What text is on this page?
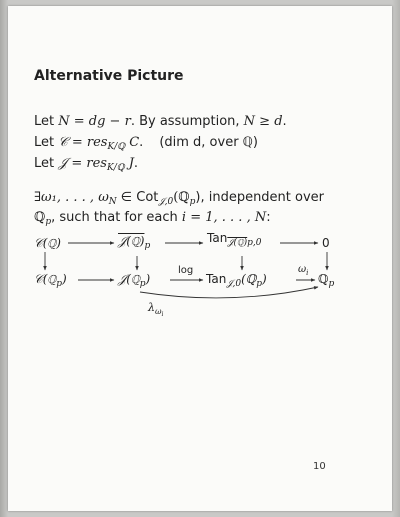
Alternative Picture
Let N = dg − r. By assumption, N ≥ d.
Let 𝒞 = res$_{K/ℚ}$ C. (dim d, over ℚ)
Let 𝒥 = res$_{K/ℚ}$ J.
∃ω₁, . . . , $\omega_N$ ∈ Cot$_{𝒥,0}$(ℚ$_p$), independent over
ℚ$_p$, such that for each i = 1, . . . , N:
𝒞(ℚ)	$𝒥(ℚ)_p$
Tan$_{𝒥(ℚ)p,0}$	0
𝒞(ℚ$_p$)	𝒥(ℚ$_p$)	Tan$_{𝒥,0}$(ℚ$_p$)	ℚ$_p$
log	$\omega_i$
$\lambda_{\omega i}$
10
